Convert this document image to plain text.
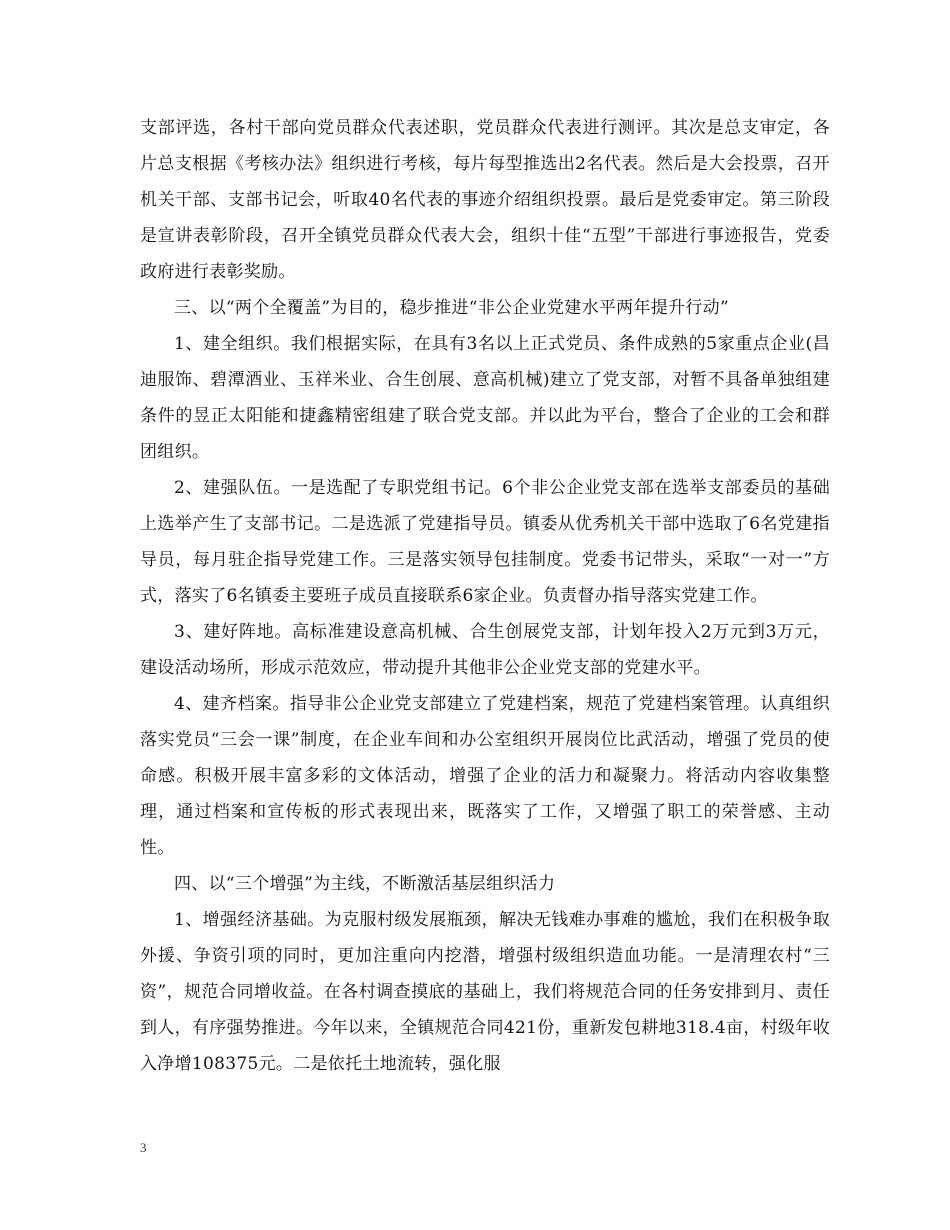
支部评选，各村干部向党员群众代表述职，党员群众代表进行测评。其次是总支审定，各片总支根据《考核办法》组织进行考核，每片每型推选出2名代表。然后是大会投票，召开机关干部、支部书记会，听取40名代表的事迹介绍组织投票。最后是党委审定。第三阶段是宣讲表彰阶段，召开全镇党员群众代表大会，组织十佳“五型”干部进行事迹报告，党委政府进行表彰奖励。

三、以“两个全覆盖”为目的，稳步推进“非公企业党建水平两年提升行动”

1、建全组织。我们根据实际，在具有3名以上正式党员、条件成熟的5家重点企业(昌迪服饰、碧潭酒业、玉祥米业、合生创展、意高机械)建立了党支部，对暂不具备单独组建条件的昱正太阳能和捷鑫精密组建了联合党支部。并以此为平台，整合了企业的工会和群团组织。

2、建强队伍。一是选配了专职党组书记。6个非公企业党支部在选举支部委员的基础上选举产生了支部书记。二是选派了党建指导员。镇委从优秀机关干部中选取了6名党建指导员，每月驻企指导党建工作。三是落实领导包挂制度。党委书记带头，采取“一对一”方式，落实了6名镇委主要班子成员直接联系6家企业。负责督办指导落实党建工作。

3、建好阵地。高标准建设意高机械、合生创展党支部，计划年投入2万元到3万元，建设活动场所，形成示范效应，带动提升其他非公企业党支部的党建水平。

4、建齐档案。指导非公企业党支部建立了党建档案，规范了党建档案管理。认真组织落实党员“三会一课”制度，在企业车间和办公室组织开展岗位比武活动，增强了党员的使命感。积极开展丰富多彩的文体活动，增强了企业的活力和凝聚力。将活动内容收集整理，通过档案和宣传板的形式表现出来，既落实了工作，又增强了职工的荣誉感、主动性。

四、以“三个增强”为主线，不断激活基层组织活力

1、增强经济基础。为克服村级发展瓶颈，解决无钱难办事难的尴尬，我们在积极争取外援、争资引项的同时，更加注重向内挖潜，增强村级组织造血功能。一是清理农村“三资”，规范合同增收益。在各村调查摸底的基础上，我们将规范合同的任务安排到月、责任到人，有序强势推进。今年以来，全镇规范合同421份，重新发包耕地318.4亩，村级年收入净增108375元。二是依托土地流转，强化服

3
